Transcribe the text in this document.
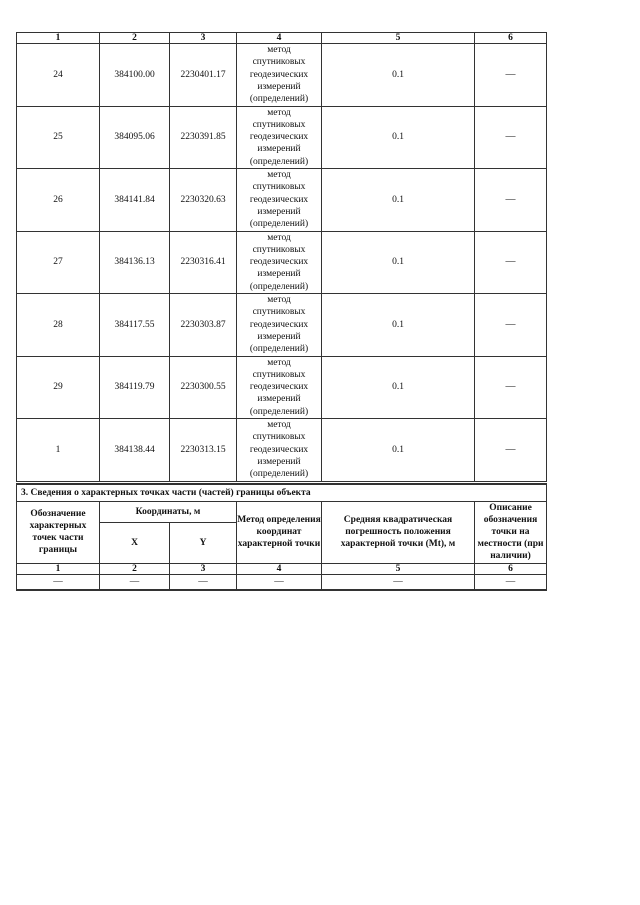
1	2	3	4	5	6
24	384100.00	2230401.17	метод
спутниковых
геодезических
измерений
(определений)	0.1	—
25	384095.06	2230391.85	метод
спутниковых
геодезических
измерений
(определений)	0.1	—
26	384141.84	2230320.63	метод
спутниковых
геодезических
измерений
(определений)	0.1	—
27	384136.13	2230316.41	метод
спутниковых
геодезических
измерений
(определений)	0.1	—
28	384117.55	2230303.87	метод
спутниковых
геодезических
измерений
(определений)	0.1	—
29	384119.79	2230300.55	метод
спутниковых
геодезических
измерений
(определений)	0.1	—
1	384138.44	2230313.15	метод
спутниковых
геодезических
измерений
(определений)	0.1	—
3. Сведения о характерных точках части (частей) границы объекта					
Обозначение характерных точек части границы	Координаты, м		Метод определения координат характерной точки	Средняя квадратическая погрешность положения характерной точки (Mt), м	Описание обозначения точки на местности (при наличии)
	X	Y			
1	2	3	4	5	6
—	—	—	—	—	—
